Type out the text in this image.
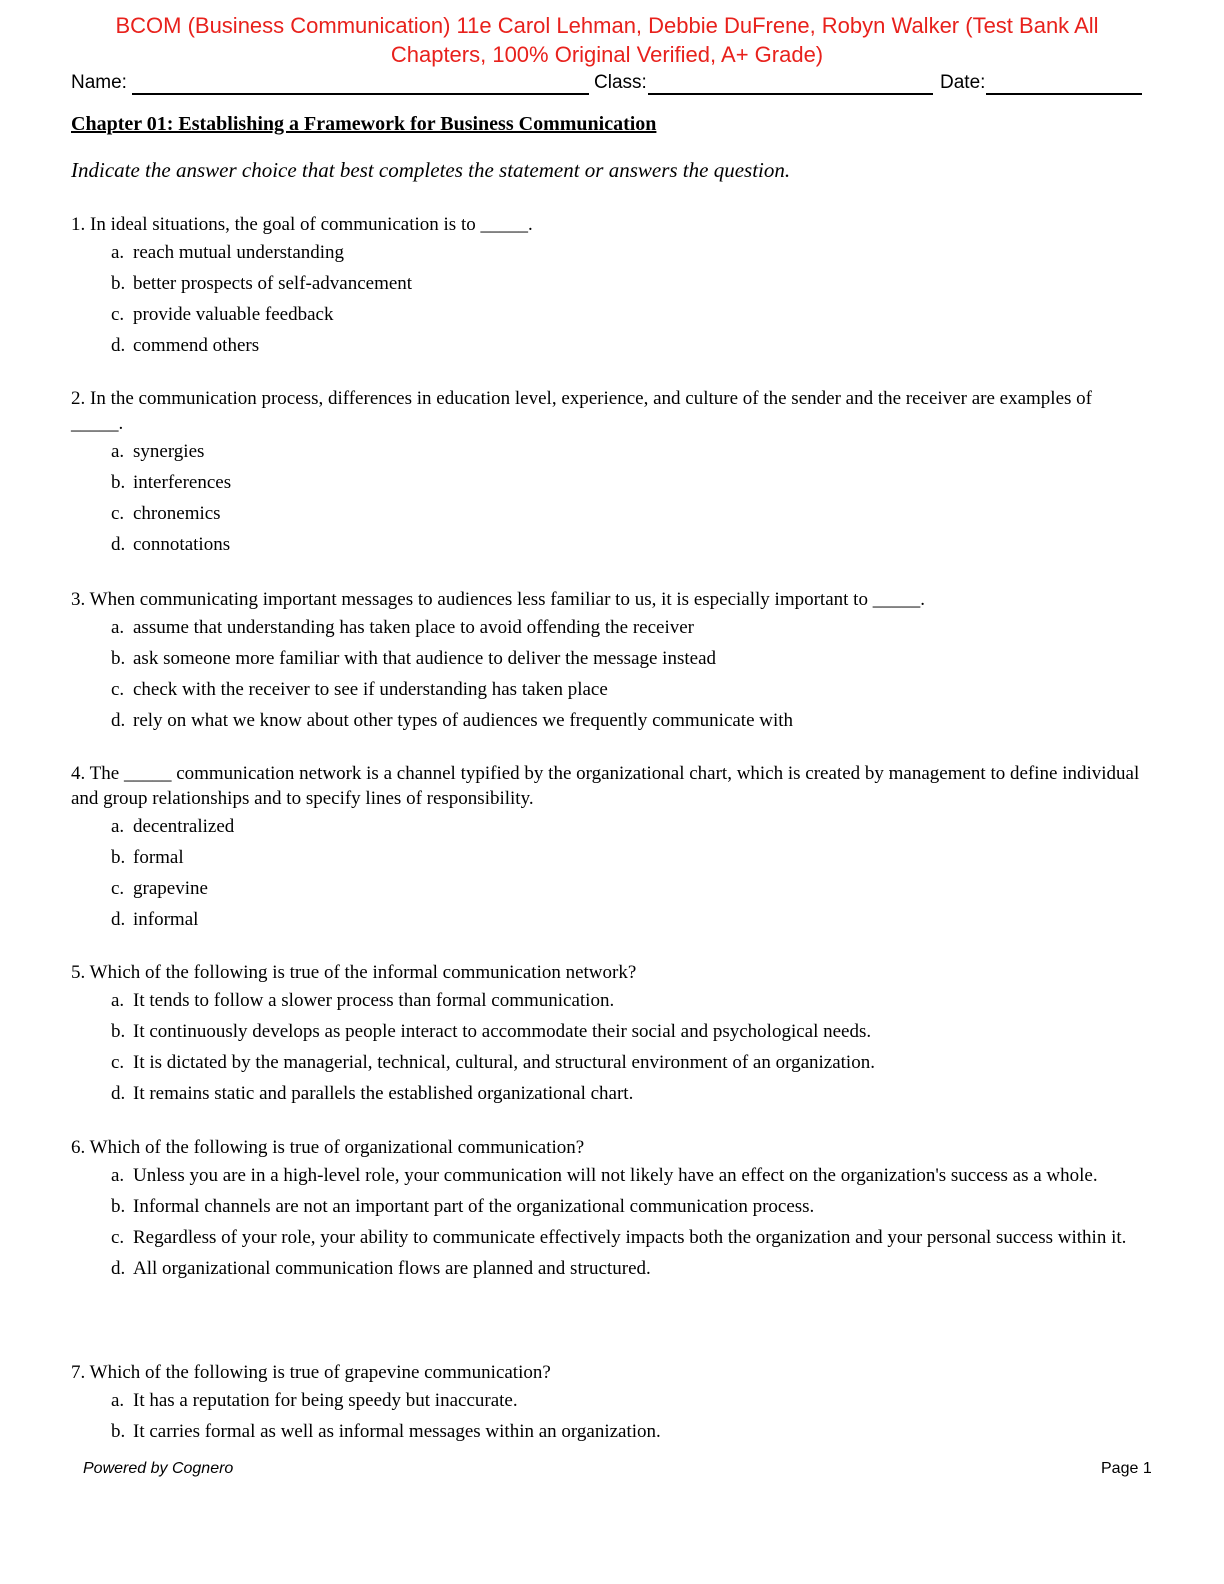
BCOM (Business Communication) 11e Carol Lehman, Debbie DuFrene, Robyn Walker (Test Bank All
Chapters, 100% Original Verified, A+ Grade)
Name:	Class:	Date:
Chapter 01: Establishing a Framework for Business Communication
Indicate the answer choice that best completes the statement or answers the question.
1. In ideal situations, the goal of communication is to _____.
a. reach mutual understanding
b. better prospects of self-advancement
c. provide valuable feedback
d. commend others
2. In the communication process, differences in education level, experience, and culture of the sender and the receiver are examples of _____.
a. synergies
b. interferences
c. chronemics
d. connotations
3. When communicating important messages to audiences less familiar to us, it is especially important to _____.
a. assume that understanding has taken place to avoid offending the receiver
b. ask someone more familiar with that audience to deliver the message instead
c. check with the receiver to see if understanding has taken place
d. rely on what we know about other types of audiences we frequently communicate with
4. The _____ communication network is a channel typified by the organizational chart, which is created by management to define individual and group relationships and to specify lines of responsibility.
a. decentralized
b. formal
c. grapevine
d. informal
5. Which of the following is true of the informal communication network?
a. It tends to follow a slower process than formal communication.
b. It continuously develops as people interact to accommodate their social and psychological needs.
c. It is dictated by the managerial, technical, cultural, and structural environment of an organization.
d. It remains static and parallels the established organizational chart.
6. Which of the following is true of organizational communication?
a. Unless you are in a high-level role, your communication will not likely have an effect on the organization's success as a whole.
b. Informal channels are not an important part of the organizational communication process.
c. Regardless of your role, your ability to communicate effectively impacts both the organization and your personal success within it.
d. All organizational communication flows are planned and structured.
7. Which of the following is true of grapevine communication?
a. It has a reputation for being speedy but inaccurate.
b. It carries formal as well as informal messages within an organization.
Powered by Cognero	Page 1
